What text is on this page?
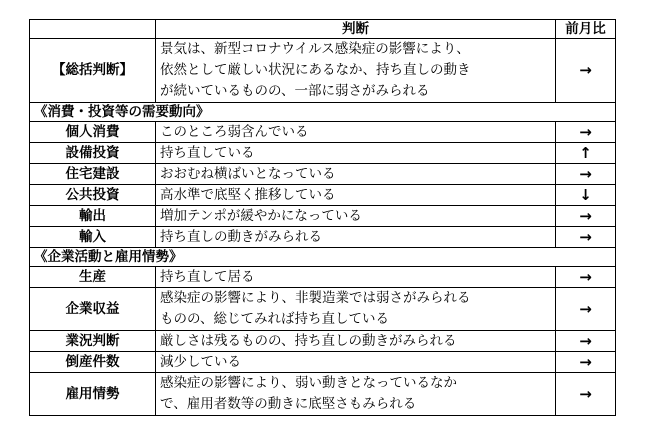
	判断	前月比
【総括判断】	景気は、新型コロナウイルス感染症の影響により、
依然として厳しい状況にあるなか、持ち直しの動き
が続いているものの、一部に弱さがみられる	→
《消費・投資等の需要動向》		
個人消費	このところ弱含んでいる	→
設備投資	持ち直している	↑
住宅建設	おおむね横ばいとなっている	→
公共投資	高水準で底堅く推移している	↓
輸出	増加テンポが緩やかになっている	→
輸入	持ち直しの動きがみられる	→
《企業活動と雇用情勢》		
生産	持ち直して居る	→
企業収益	感染症の影響により、非製造業では弱さがみられる
ものの、総じてみれば持ち直している	→
業況判断	厳しさは残るものの、持ち直しの動きがみられる	→
倒産件数	減少している	→
雇用情勢	感染症の影響により、弱い動きとなっているなか
で、雇用者数等の動きに底堅さもみられる	→
